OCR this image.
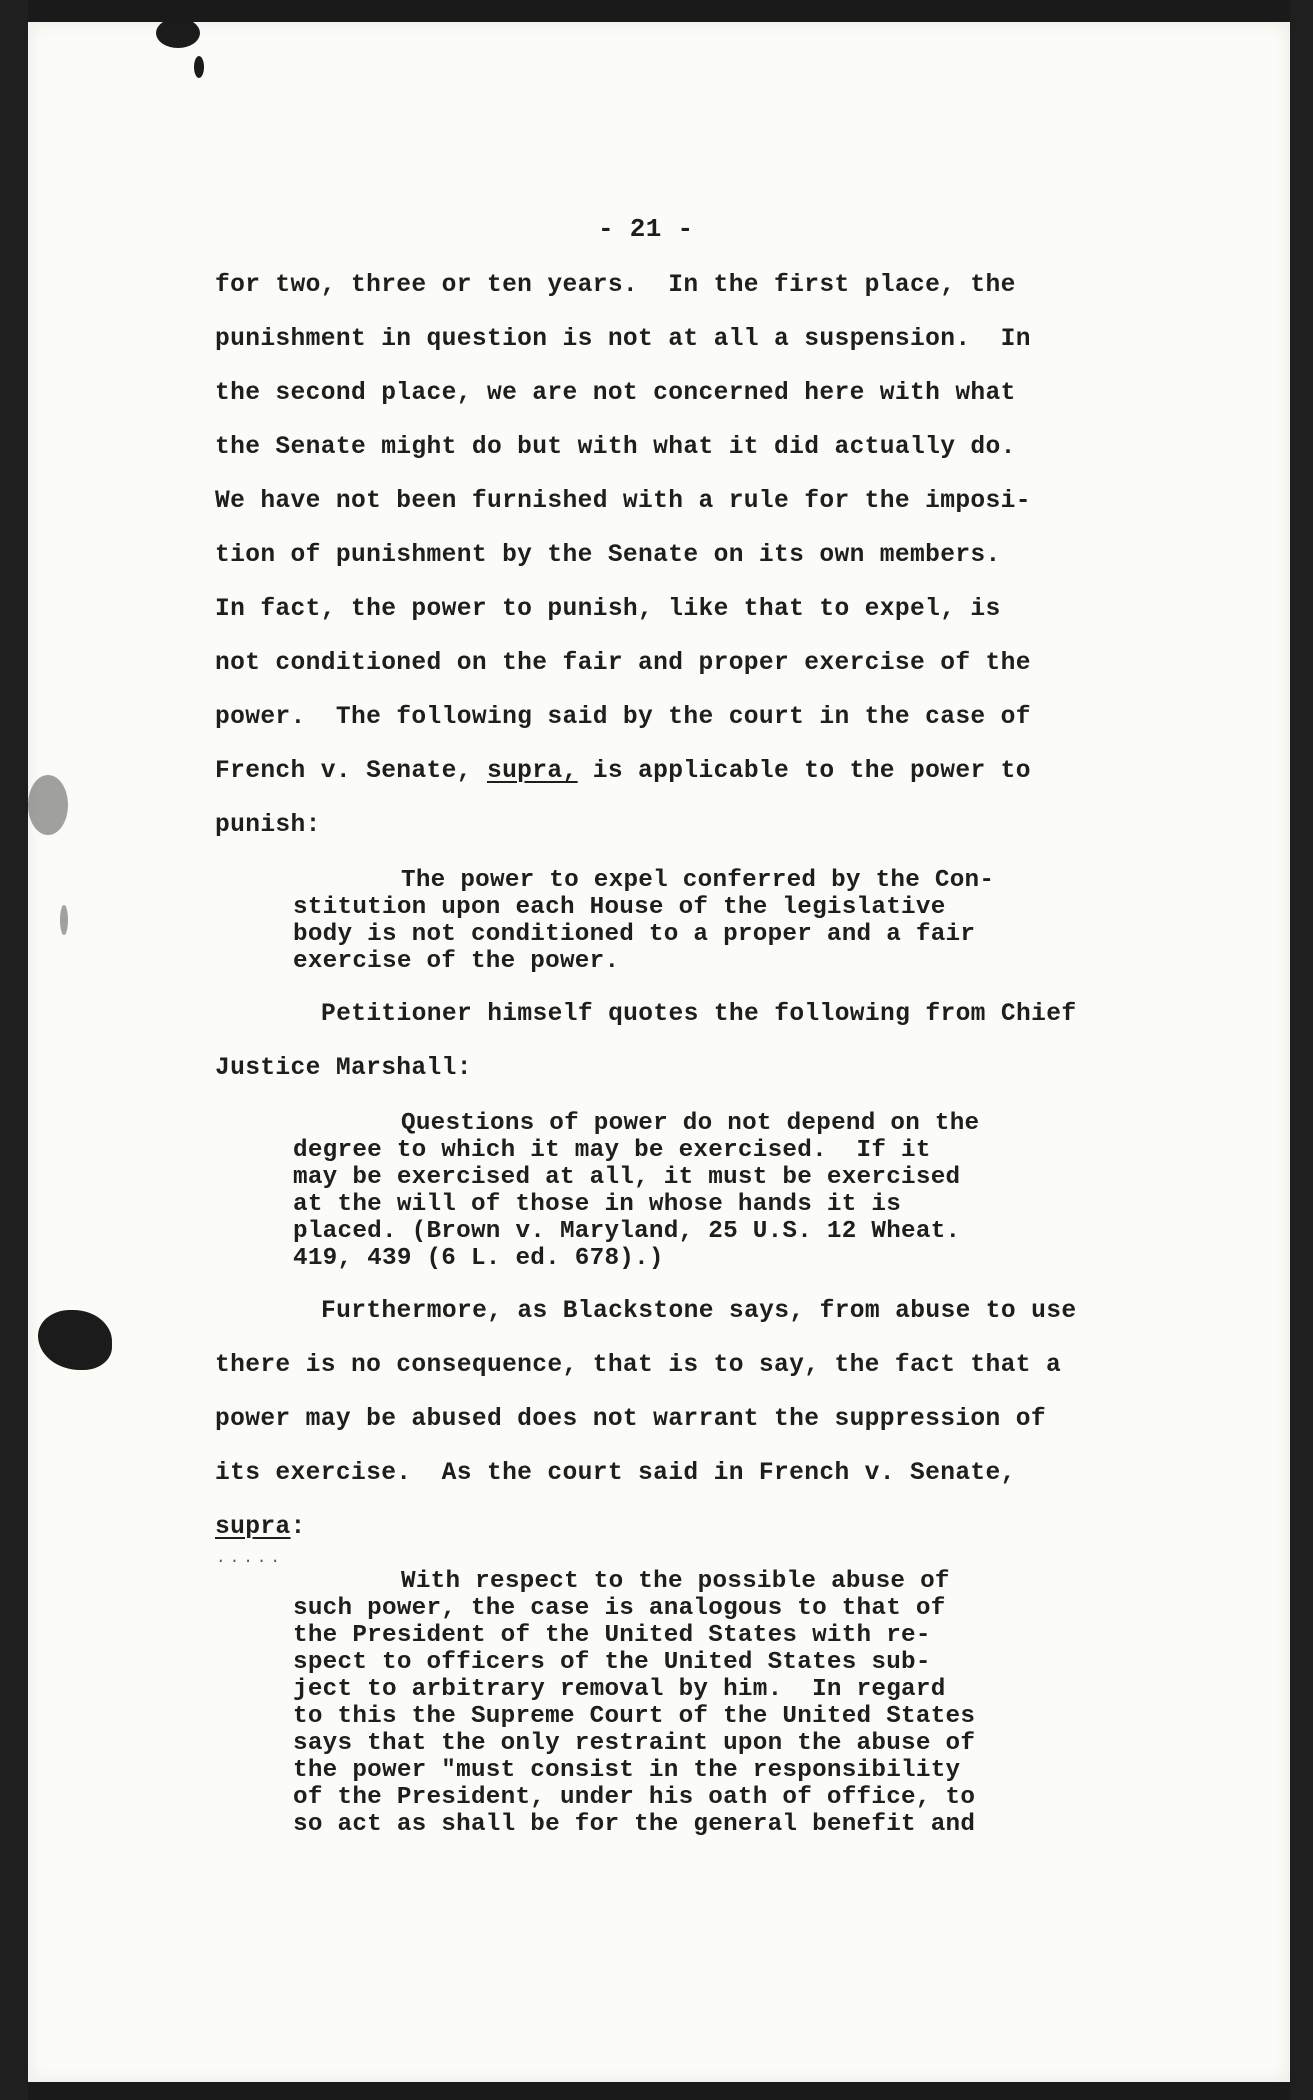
- 21 -
for two, three or ten years.  In the first place, the
punishment in question is not at all a suspension.  In
the second place, we are not concerned here with what
the Senate might do but with what it did actually do.
We have not been furnished with a rule for the imposi-
tion of punishment by the Senate on its own members.
In fact, the power to punish, like that to expel, is
not conditioned on the fair and proper exercise of the
power.  The following said by the court in the case of
French v. Senate, supra, is applicable to the power to
punish:
The power to expel conferred by the Con-
stitution upon each House of the legislative
body is not conditioned to a proper and a fair
exercise of the power.
Petitioner himself quotes the following from Chief
Justice Marshall:
Questions of power do not depend on the
degree to which it may be exercised.  If it
may be exercised at all, it must be exercised
at the will of those in whose hands it is
placed. (Brown v. Maryland, 25 U.S. 12 Wheat.
419, 439 (6 L. ed. 678).)
Furthermore, as Blackstone says, from abuse to use
there is no consequence, that is to say, the fact that a
power may be abused does not warrant the suppression of
its exercise.  As the court said in French v. Senate,
supra:
.....
With respect to the possible abuse of
such power, the case is analogous to that of
the President of the United States with re-
spect to officers of the United States sub-
ject to arbitrary removal by him.  In regard
to this the Supreme Court of the United States
says that the only restraint upon the abuse of
the power "must consist in the responsibility
of the President, under his oath of office, to
so act as shall be for the general benefit and
